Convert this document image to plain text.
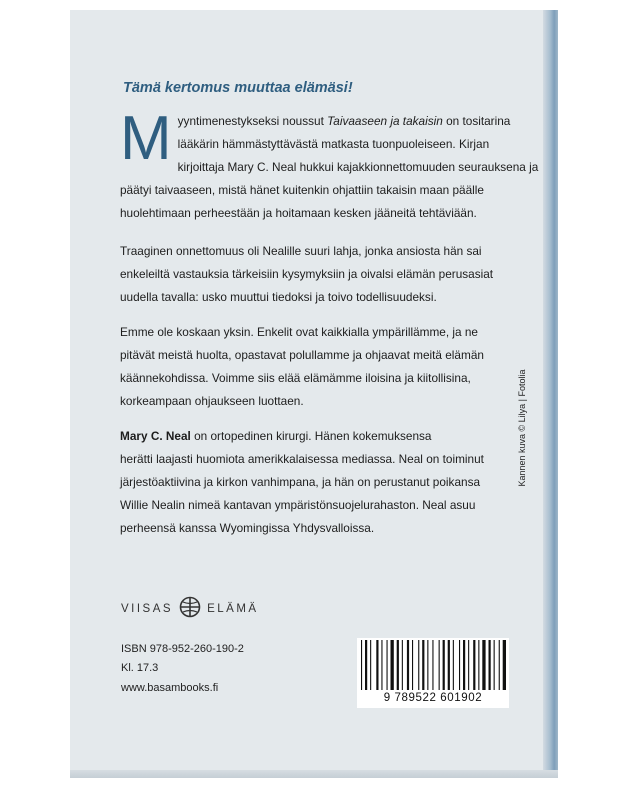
Tämä kertomus muuttaa elämäsi!
M yyntimenestykseksi noussut Taivaaseen ja takaisin on tositarina
lääkärin hämmästyttävästä matkasta tuonpuoleiseen. Kirjan
kirjoittaja Mary C. Neal hukkui kajakkionnettomuuden seurauksena ja
päätyi taivaaseen, mistä hänet kuitenkin ohjattiin takaisin maan päälle
huolehtimaan perheestään ja hoitamaan kesken jääneitä tehtäviään.
Traaginen onnettomuus oli Nealille suuri lahja, jonka ansiosta hän sai
enkeleiltä vastauksia tärkeisiin kysymyksiin ja oivalsi elämän perusasiat
uudella tavalla: usko muuttui tiedoksi ja toivo todellisuudeksi.
Emme ole koskaan yksin. Enkelit ovat kaikkialla ympärillämme, ja ne
pitävät meistä huolta, opastavat polullamme ja ohjaavat meitä elämän
käännekohdissa. Voimme siis elää elämämme iloisina ja kiitollisina,
korkeampaan ohjaukseen luottaen.
Mary C. Neal on ortopedinen kirurgi. Hänen kokemuksensa
herätti laajasti huomiota amerikkalaisessa mediassa. Neal on toiminut
järjestöaktiivina ja kirkon vanhimpana, ja hän on perustanut poikansa
Willie Nealin nimeä kantavan ympäristönsuojelurahaston. Neal asuu
perheensä kanssa Wyomingissa Yhdysvalloissa.
VIISAS	ELÄMÄ
ISBN 978-952-260-190-2
Kl. 17.3
www.basambooks.fi
9 789522 601902
Kannen kuva © Lilya | Fotolia
